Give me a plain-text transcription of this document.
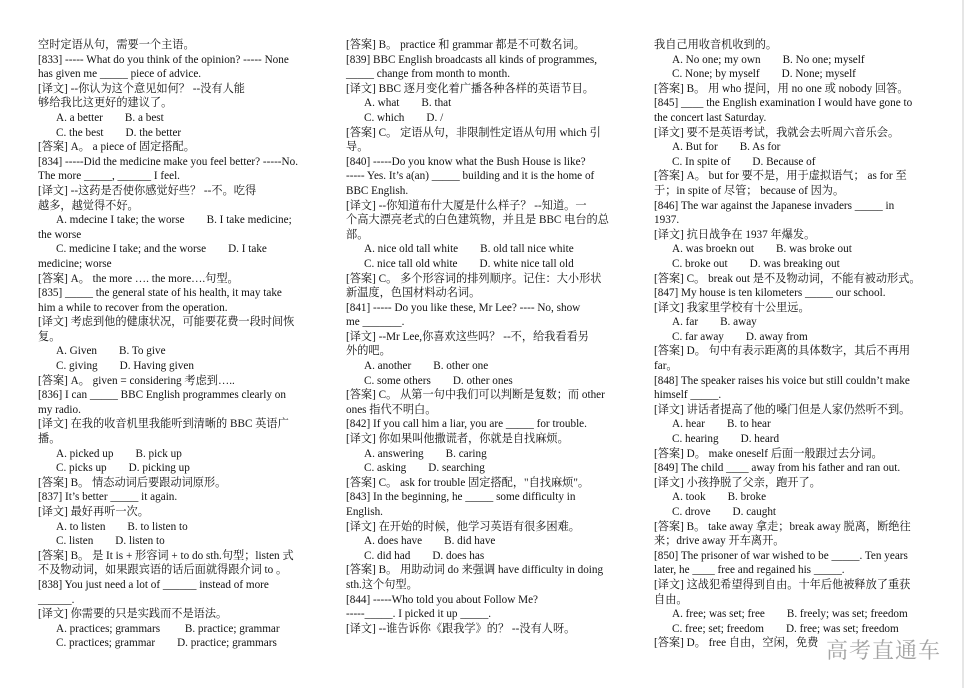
空时定语从句，需要一个主语。
[833] ----- What do you think of the opinion? ----- None
has given me _____ piece of advice.
[译文] --你认为这个意见如何？ --没有人能
够给我比这更好的建议了。
A. a better B. a best
C. the best D. the better
[答案] A。 a piece of 固定搭配。
[834] -----Did the medicine make you feel better? -----No.
The more _____, ______ I feel.
[译文] --这药是否使你感觉好些？ --不。吃得
越多，越觉得不好。
A. mdecine I take; the worse B. I take medicine;
the worse
C. medicine I take; and the worse D. I take
medicine; worse
[答案] A。 the more …. the more….句型。
[835] _____ the general state of his health, it may take
him a while to recover from the operation.
[译文] 考虑到他的健康状况，可能要花费一段时间恢
复。
A. Given B. To give
C. giving D. Having given
[答案] A。 given = considering 考虑到…..
[836] I can _____ BBC English programmes clearly on
my radio.
[译文] 在我的收音机里我能听到清晰的 BBC 英语广
播。
A. picked up B. pick up
C. picks up D. picking up
[答案] B。 情态动词后要跟动词原形。
[837] It’s better _____ it again.
[译文] 最好再听一次。
A. to listen B. to listen to
C. listen D. listen to
[答案] B。 是 It is + 形容词 + to do sth.句型；listen 式
不及物动词，如果跟宾语的话后面就得跟介词 to 。
[838] You just need a lot of ______ instead of more
______.
[译文] 你需要的只是实践而不是语法。
A. practices; grammars B. practice; grammar
C. practices; grammar D. practice; grammars
[答案] B。 practice 和 grammar 都是不可数名词。
[839] BBC English broadcasts all kinds of programmes,
_____ change from month to month.
[译文] BBC 逐月变化着广播各种各样的英语节目。
A. what B. that
C. which D. /
[答案] C。 定语从句，非限制性定语从句用 which 引
导。
[840] -----Do you know what the Bush House is like?
----- Yes. It’s a(an) _____ building and it is the home of
BBC English.
[译文] --你知道布什大厦是什么样子？ --知道。一
个高大漂亮老式的白色建筑物，并且是 BBC 电台的总
部。
A. nice old tall white B. old tall nice white
C. nice tall old white D. white nice tall old
[答案] C。 多个形容词的排列顺序。记住：大小形状
新温度，色国材料动名词。
[841] ----- Do you like these, Mr Lee? ---- No, show
me _______.
[译文] --Mr Lee,你喜欢这些吗？ --不，给我看看另
外的吧。
A. another B. other one
C. some others D. other ones
[答案] C。 从第一句中我们可以判断是复数；而 other
ones 指代不明白。
[842] If you call him a liar, you are _____ for trouble.
[译文] 你如果叫他撒谎者，你就是自找麻烦。
A. answering B. caring
C. asking D. searching
[答案] C。 ask for trouble 固定搭配，"自找麻烦"。
[843] In the beginning, he _____ some difficulty in
English.
[译文] 在开始的时候，他学习英语有很多困难。
A. does have B. did have
C. did had D. does has
[答案] B。 用助动词 do 来强调 have difficulty in doing
sth.这个句型。
[844] -----Who told you about Follow Me?
-----_____. I picked it up _____.
[译文] --谁告诉你《跟我学》的？ --没有人呀。
我自己用收音机收到的。
A. No one; my own B. No one; myself
C. None; by myself D. None; myself
[答案] B。 用 who 提问，用 no one 或 nobody 回答。
[845] ____ the English examination I would have gone to
the concert last Saturday.
[译文] 要不是英语考试，我就会去听周六音乐会。
A. But for B. As for
C. In spite of D. Because of
[答案] A。 but for 要不是，用于虚拟语气； as for 至
于；in spite of 尽管； because of 因为。
[846] The war against the Japanese invaders _____ in
1937.
[译文] 抗日战争在 1937 年爆发。
A. was broekn out B. was broke out
C. broke out D. was breaking out
[答案] C。 break out 是不及物动词，不能有被动形式。
[847] My house is ten kilometers _____ our school.
[译文] 我家里学校有十公里远。
A. far B. away
C. far away D. away from
[答案] D。 句中有表示距离的具体数字，其后不再用
far。
[848] The speaker raises his voice but still couldn’t make
himself _____.
[译文] 讲话者提高了他的嗓门但是人家仍然听不到。
A. hear B. to hear
C. hearing D. heard
[答案] D。 make oneself 后面一般跟过去分词。
[849] The child ____ away from his father and ran out.
[译文] 小孩挣脱了父亲，跑开了。
A. took B. broke
C. drove D. caught
[答案] B。 take away 拿走；break away 脱离，断绝往
来；drive away 开车离开。
[850] The prisoner of war wished to be _____. Ten years
later, he ____ free and regained his _____.
[译文] 这战犯希望得到自由。十年后他被释放了重获
自由。
A. free; was set; free B. freely; was set; freedom
C. free; set; freedom D. free; was set; freedom
[答案] D。 free 自由，空闲，免费 高考直通车
